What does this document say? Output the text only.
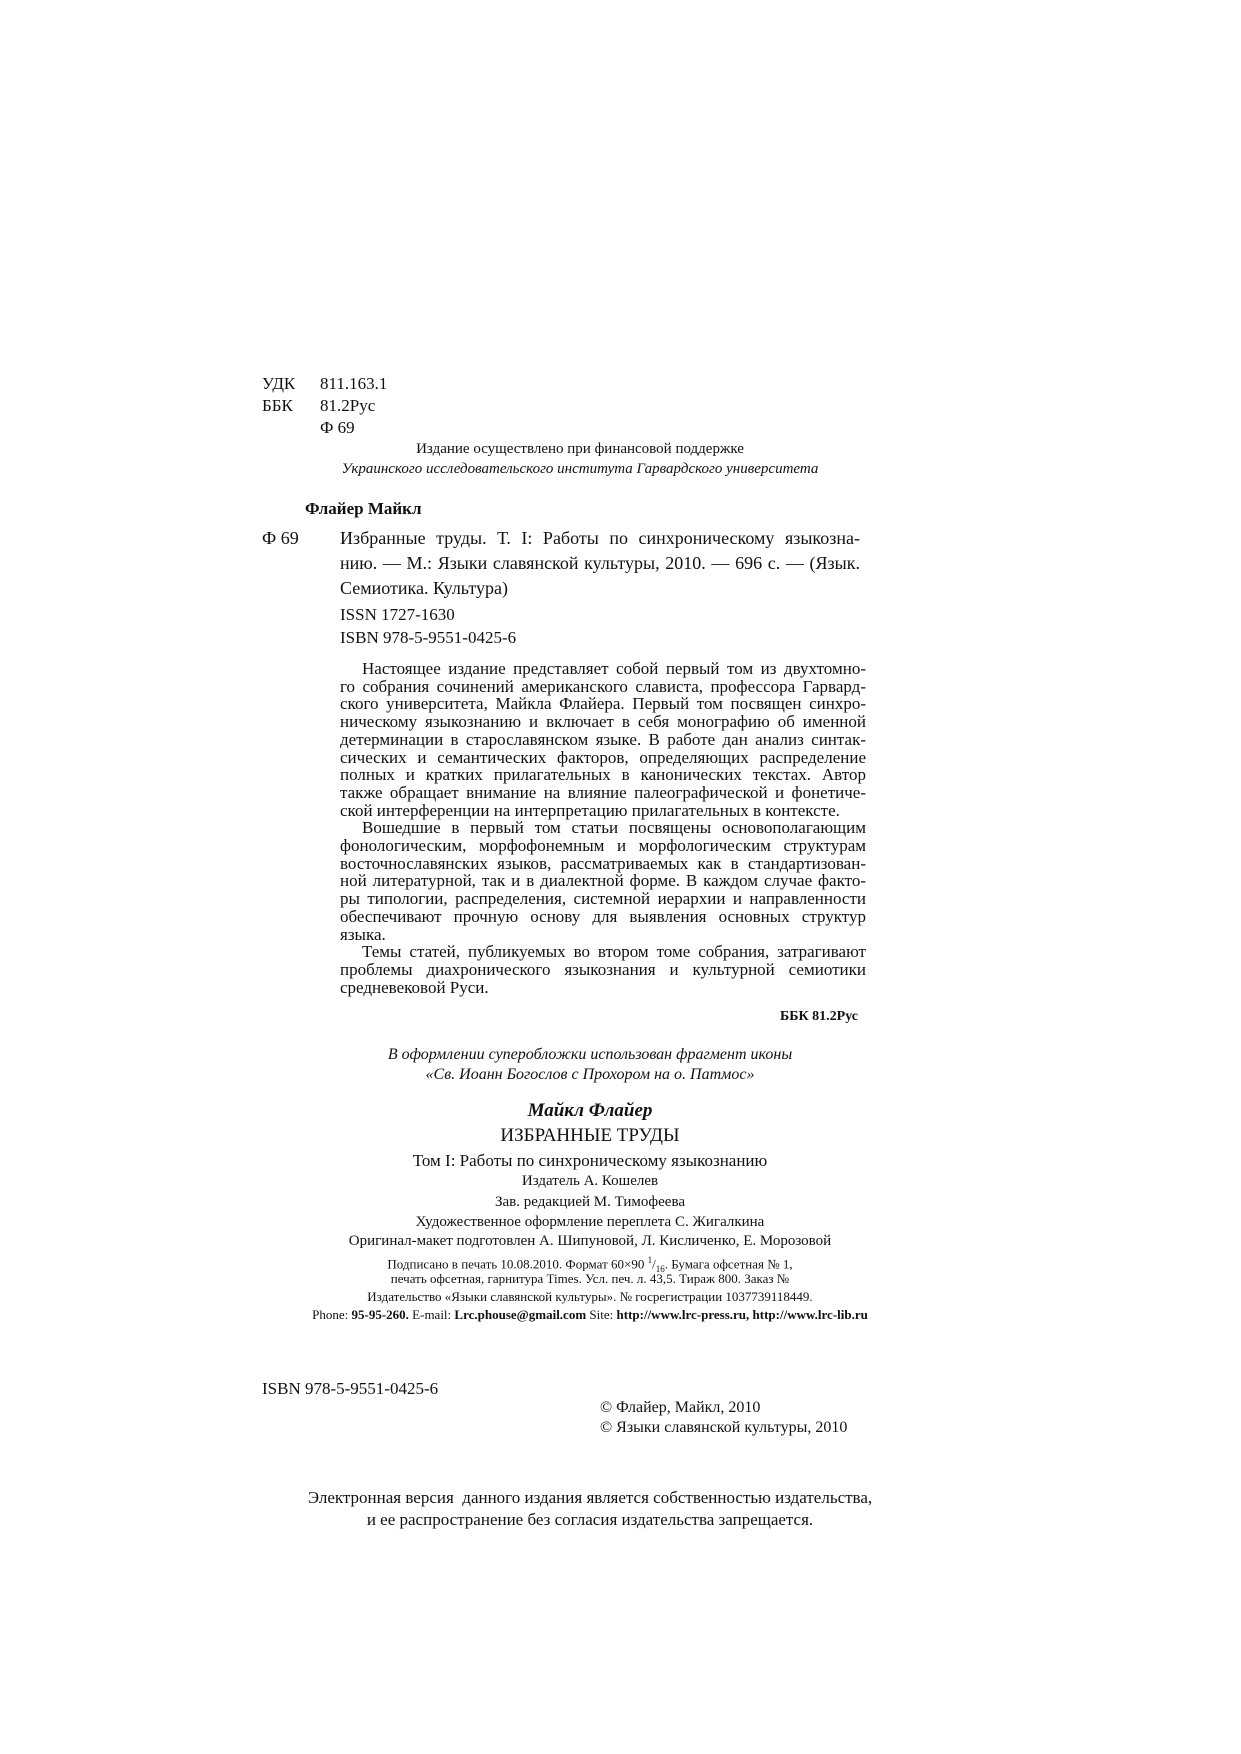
УДК 811.163.1
ББК 81.2Рус
Ф 69
Издание осуществлено при финансовой поддержке
Украинского исследовательского института Гарвардского университета
Флайер Майкл
Ф 69 Избранные труды. Т. I: Работы по синхроническому языкозна-
нию. — М.: Языки славянской культуры, 2010. — 696 с. — (Язык.
Семиотика. Культура)
ISSN 1727-1630
ISBN 978-5-9551-0425-6

Настоящее издание представляет собой первый том из двухтомно-
го собрания сочинений американского слависта, профессора Гарвард-
ского университета, Майкла Флайера. Первый том посвящен синхро-
ническому языкознанию и включает в себя монографию об именной
детерминации в старославянском языке. В работе дан анализ синтак-
сических и семантических факторов, определяющих распределение
полных и кратких прилагательных в канонических текстах. Автор
также обращает внимание на влияние палеографической и фонетиче-
ской интерференции на интерпретацию прилагательных в контексте.

Вошедшие в первый том статьи посвящены основополагающим
фонологическим, морфофонемным и морфологическим структурам
восточнославянских языков, рассматриваемых как в стандартизован-
ной литературной, так и в диалектной форме. В каждом случае факто-
ры типологии, распределения, системной иерархии и направленности
обеспечивают прочную основу для выявления основных структур
языка.

Темы статей, публикуемых во втором томе собрания, затрагивают
проблемы диахронического языкознания и культурной семиотики
средневековой Руси.

ББК 81.2Рус
В оформлении суперобложки использован фрагмент иконы
«Св. Иоанн Богослов с Прохором на о. Патмос»
Майкл Флайер
ИЗБРАННЫЕ ТРУДЫ
Том I: Работы по синхроническому языкознанию
Издатель А. Кошелев
Зав. редакцией М. Тимофеева
Художественное оформление переплета С. Жигалкина
Оригинал-макет подготовлен А. Шипуновой, Л. Кисличенко, Е. Морозовой
Подписано в печать 10.08.2010. Формат 60×90 $^1/_{16}$. Бумага офсетная № 1,
печать офсетная, гарнитура Times. Усл. печ. л. 43,5. Тираж 800. Заказ №
Издательство «Языки славянской культуры». № госрегистрации 1037739118449.
Phone: 95-95-260. E-mail: Lrc.phouse@gmail.com Site: http://www.lrc-press.ru, http://www.lrc-lib.ru
ISBN 978-5-9551-0425-6
© Флайер, Майкл, 2010
© Языки славянской культуры, 2010
Электронная версия  данного издания является собственностью издательства,
и ее распространение без согласия издательства запрещается.
